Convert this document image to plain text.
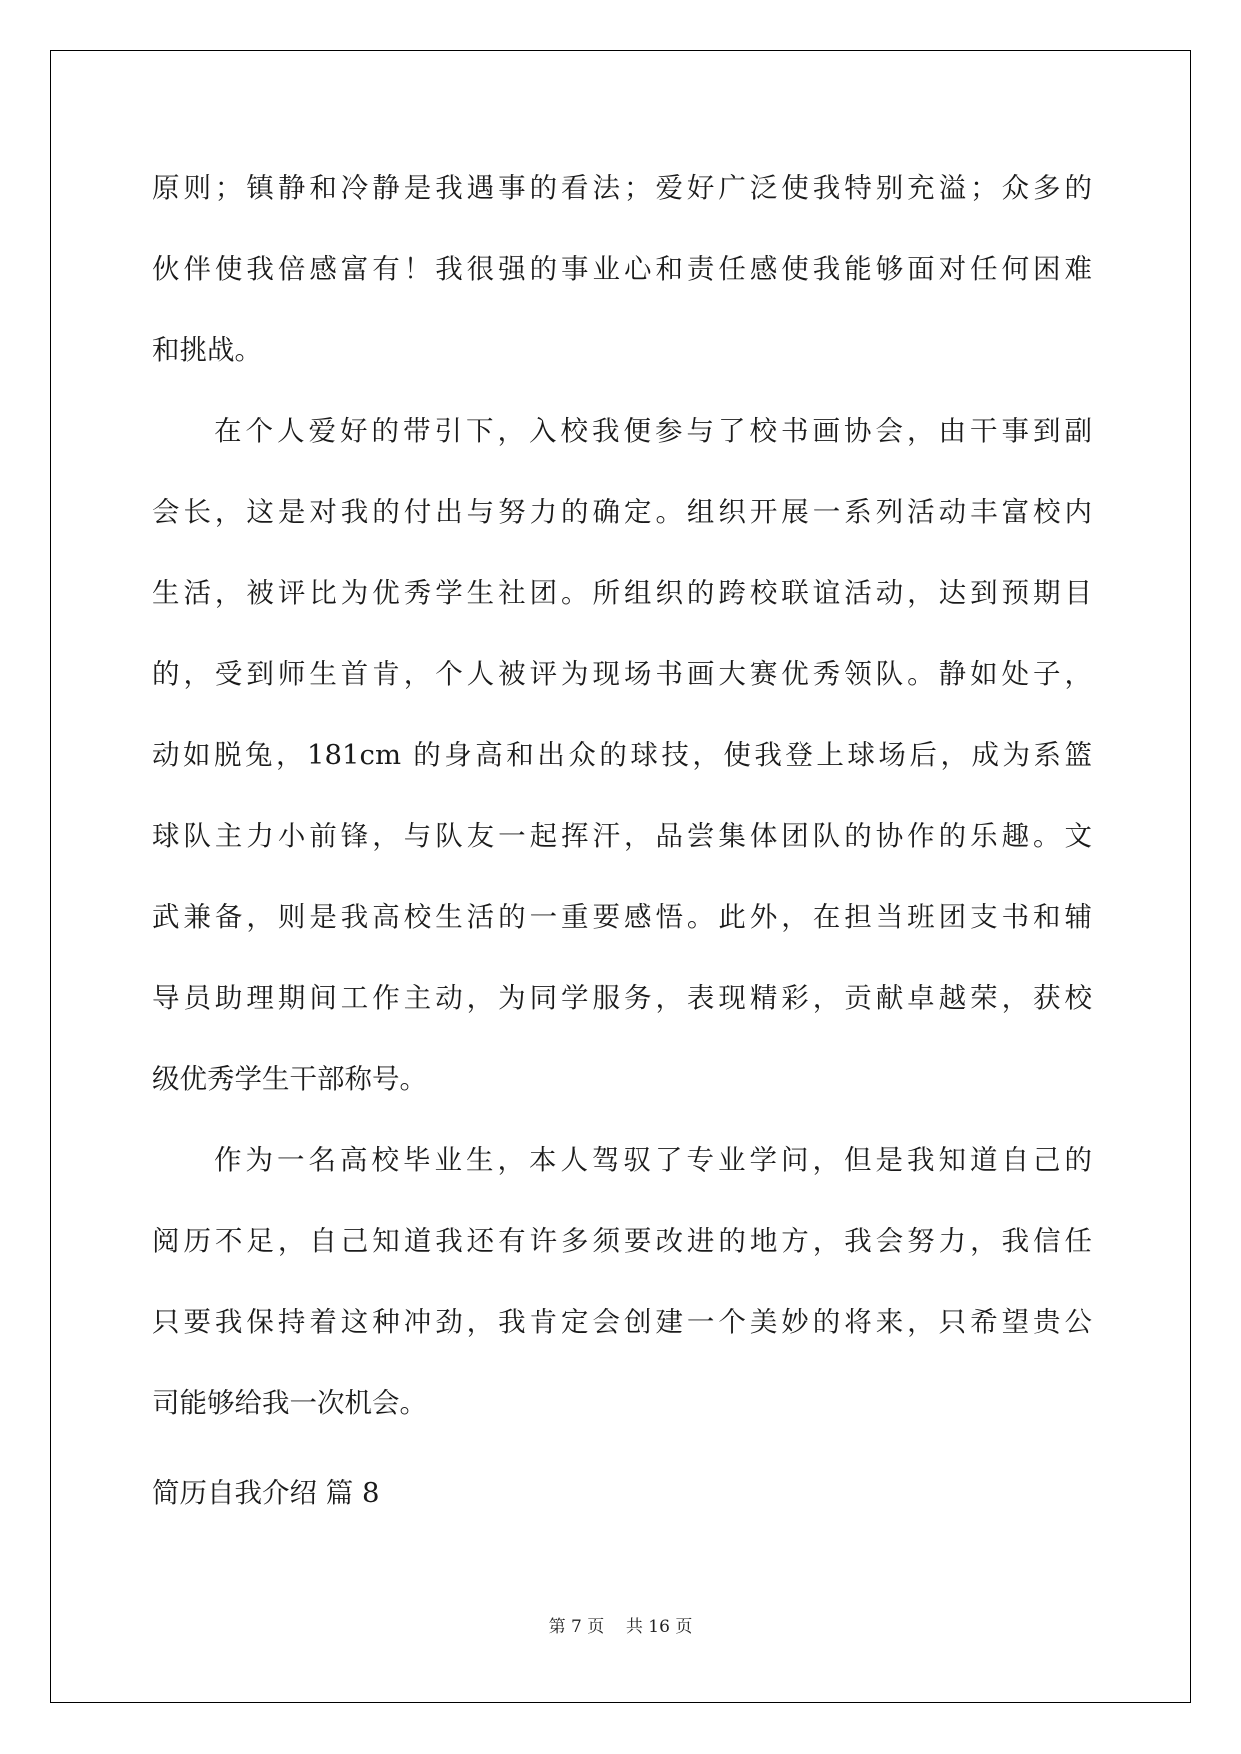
原则；镇静和冷静是我遇事的看法；爱好广泛使我特别充溢；众多的
伙伴使我倍感富有！我很强的事业心和责任感使我能够面对任何困难
和挑战。
在个人爱好的带引下，入校我便参与了校书画协会，由干事到副
会长，这是对我的付出与努力的确定。组织开展一系列活动丰富校内
生活，被评比为优秀学生社团。所组织的跨校联谊活动，达到预期目
的，受到师生首肯，个人被评为现场书画大赛优秀领队。静如处子，
动如脱兔，181cm 的身高和出众的球技，使我登上球场后，成为系篮
球队主力小前锋，与队友一起挥汗，品尝集体团队的协作的乐趣。文
武兼备，则是我高校生活的一重要感悟。此外，在担当班团支书和辅
导员助理期间工作主动，为同学服务，表现精彩，贡献卓越荣，获校
级优秀学生干部称号。
作为一名高校毕业生，本人驾驭了专业学问，但是我知道自己的
阅历不足，自己知道我还有许多须要改进的地方，我会努力，我信任
只要我保持着这种冲劲，我肯定会创建一个美妙的将来，只希望贵公
司能够给我一次机会。
简历自我介绍 篇 8
第 7 页    共 16 页
